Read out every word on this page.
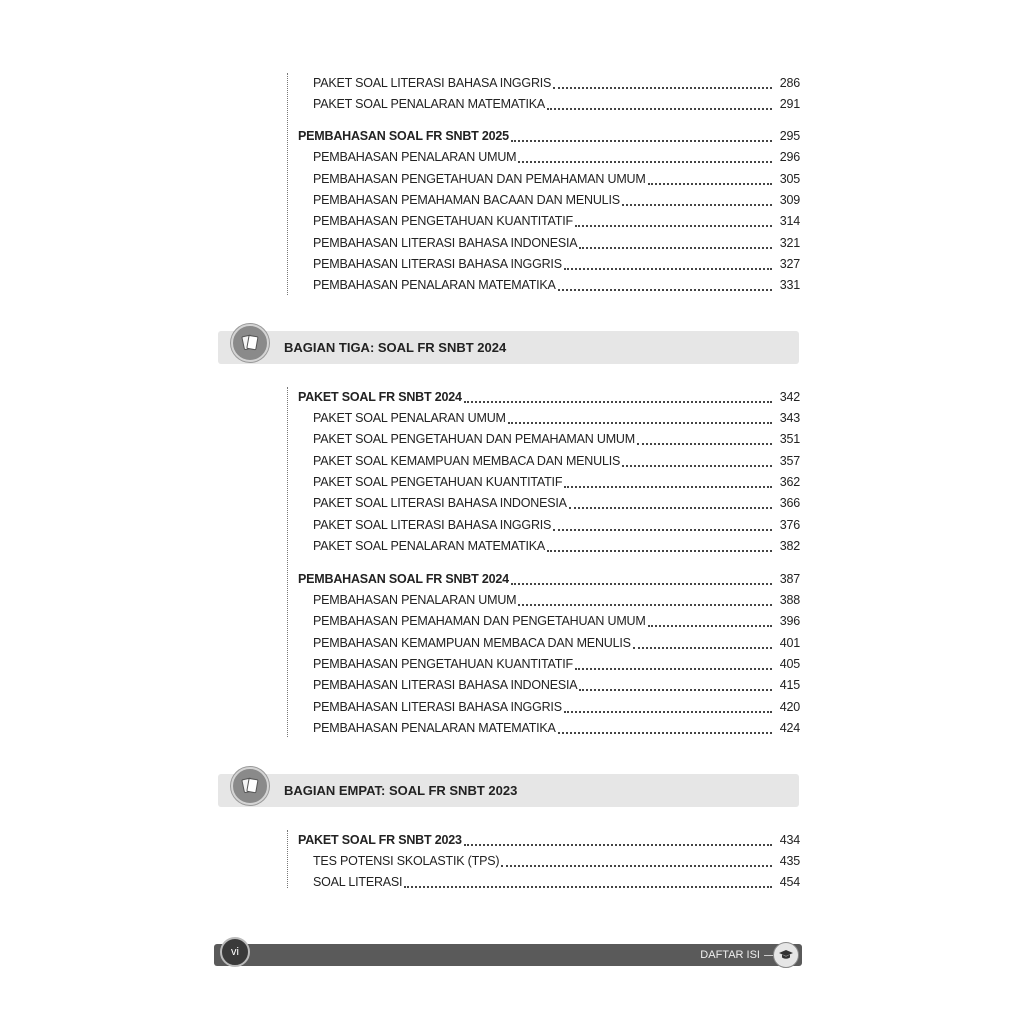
PAKET SOAL LITERASI BAHASA INGGRIS	286
PAKET SOAL PENALARAN MATEMATIKA	291
PEMBAHASAN SOAL FR SNBT 2025	295
PEMBAHASAN PENALARAN UMUM	296
PEMBAHASAN PENGETAHUAN DAN PEMAHAMAN UMUM	305
PEMBAHASAN PEMAHAMAN BACAAN DAN MENULIS	309
PEMBAHASAN PENGETAHUAN KUANTITATIF	314
PEMBAHASAN LITERASI BAHASA INDONESIA	321
PEMBAHASAN LITERASI BAHASA INGGRIS	327
PEMBAHASAN PENALARAN MATEMATIKA	331
BAGIAN TIGA: SOAL FR SNBT 2024
PAKET SOAL FR SNBT 2024	342
PAKET SOAL PENALARAN UMUM	343
PAKET SOAL PENGETAHUAN DAN PEMAHAMAN UMUM	351
PAKET SOAL KEMAMPUAN MEMBACA DAN MENULIS	357
PAKET SOAL PENGETAHUAN KUANTITATIF	362
PAKET SOAL LITERASI BAHASA INDONESIA	366
PAKET SOAL LITERASI BAHASA INGGRIS	376
PAKET SOAL PENALARAN MATEMATIKA	382
PEMBAHASAN SOAL FR SNBT 2024	387
PEMBAHASAN PENALARAN UMUM	388
PEMBAHASAN PEMAHAMAN DAN PENGETAHUAN UMUM	396
PEMBAHASAN KEMAMPUAN MEMBACA DAN MENULIS	401
PEMBAHASAN PENGETAHUAN KUANTITATIF	405
PEMBAHASAN LITERASI BAHASA INDONESIA	415
PEMBAHASAN LITERASI BAHASA INGGRIS	420
PEMBAHASAN PENALARAN MATEMATIKA	424
BAGIAN EMPAT: SOAL FR SNBT 2023
PAKET SOAL FR SNBT 2023	434
TES POTENSI SKOLASTIK (TPS)	435
SOAL LITERASI	454
vi	DAFTAR ISI
